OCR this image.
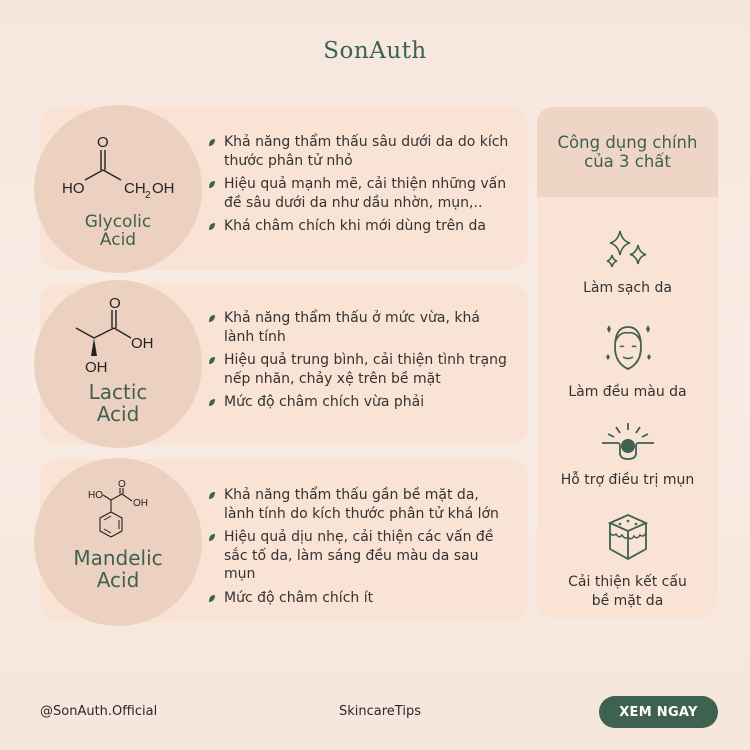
SonAuth
O
HO	CH 2 OH
Glycolic
Acid
Khả năng thẩm thấu sâu dưới da do kích thước phân tử nhỏ
Hiệu quả mạnh mẽ, cải thiện những vấn đề sâu dưới da như dầu nhờn, mụn,..
Khá châm chích khi mới dùng trên da
O
OH
OH
Lactic
Acid
Khả năng thẩm thấu ở mức vừa, khá lành tính
Hiệu quả trung bình, cải thiện tình trạng nếp nhăn, chảy xệ trên bề mặt
Mức độ châm chích vừa phải
HO
O
OH
Mandelic
Acid
Khả năng thẩm thấu gần bề mặt da, lành tính do kích thước phân tử khá lớn
Hiệu quả dịu nhẹ, cải thiện các vấn đề sắc tố da, làm sáng đều màu da sau mụn
Mức độ châm chích ít
Công dụng chính
của 3 chất
Làm sạch da
Làm đều màu da
Hỗ trợ điều trị mụn
Cải thiện kết cấu
bề mặt da
@SonAuth.Official	SkincareTips	XEM NGAY
